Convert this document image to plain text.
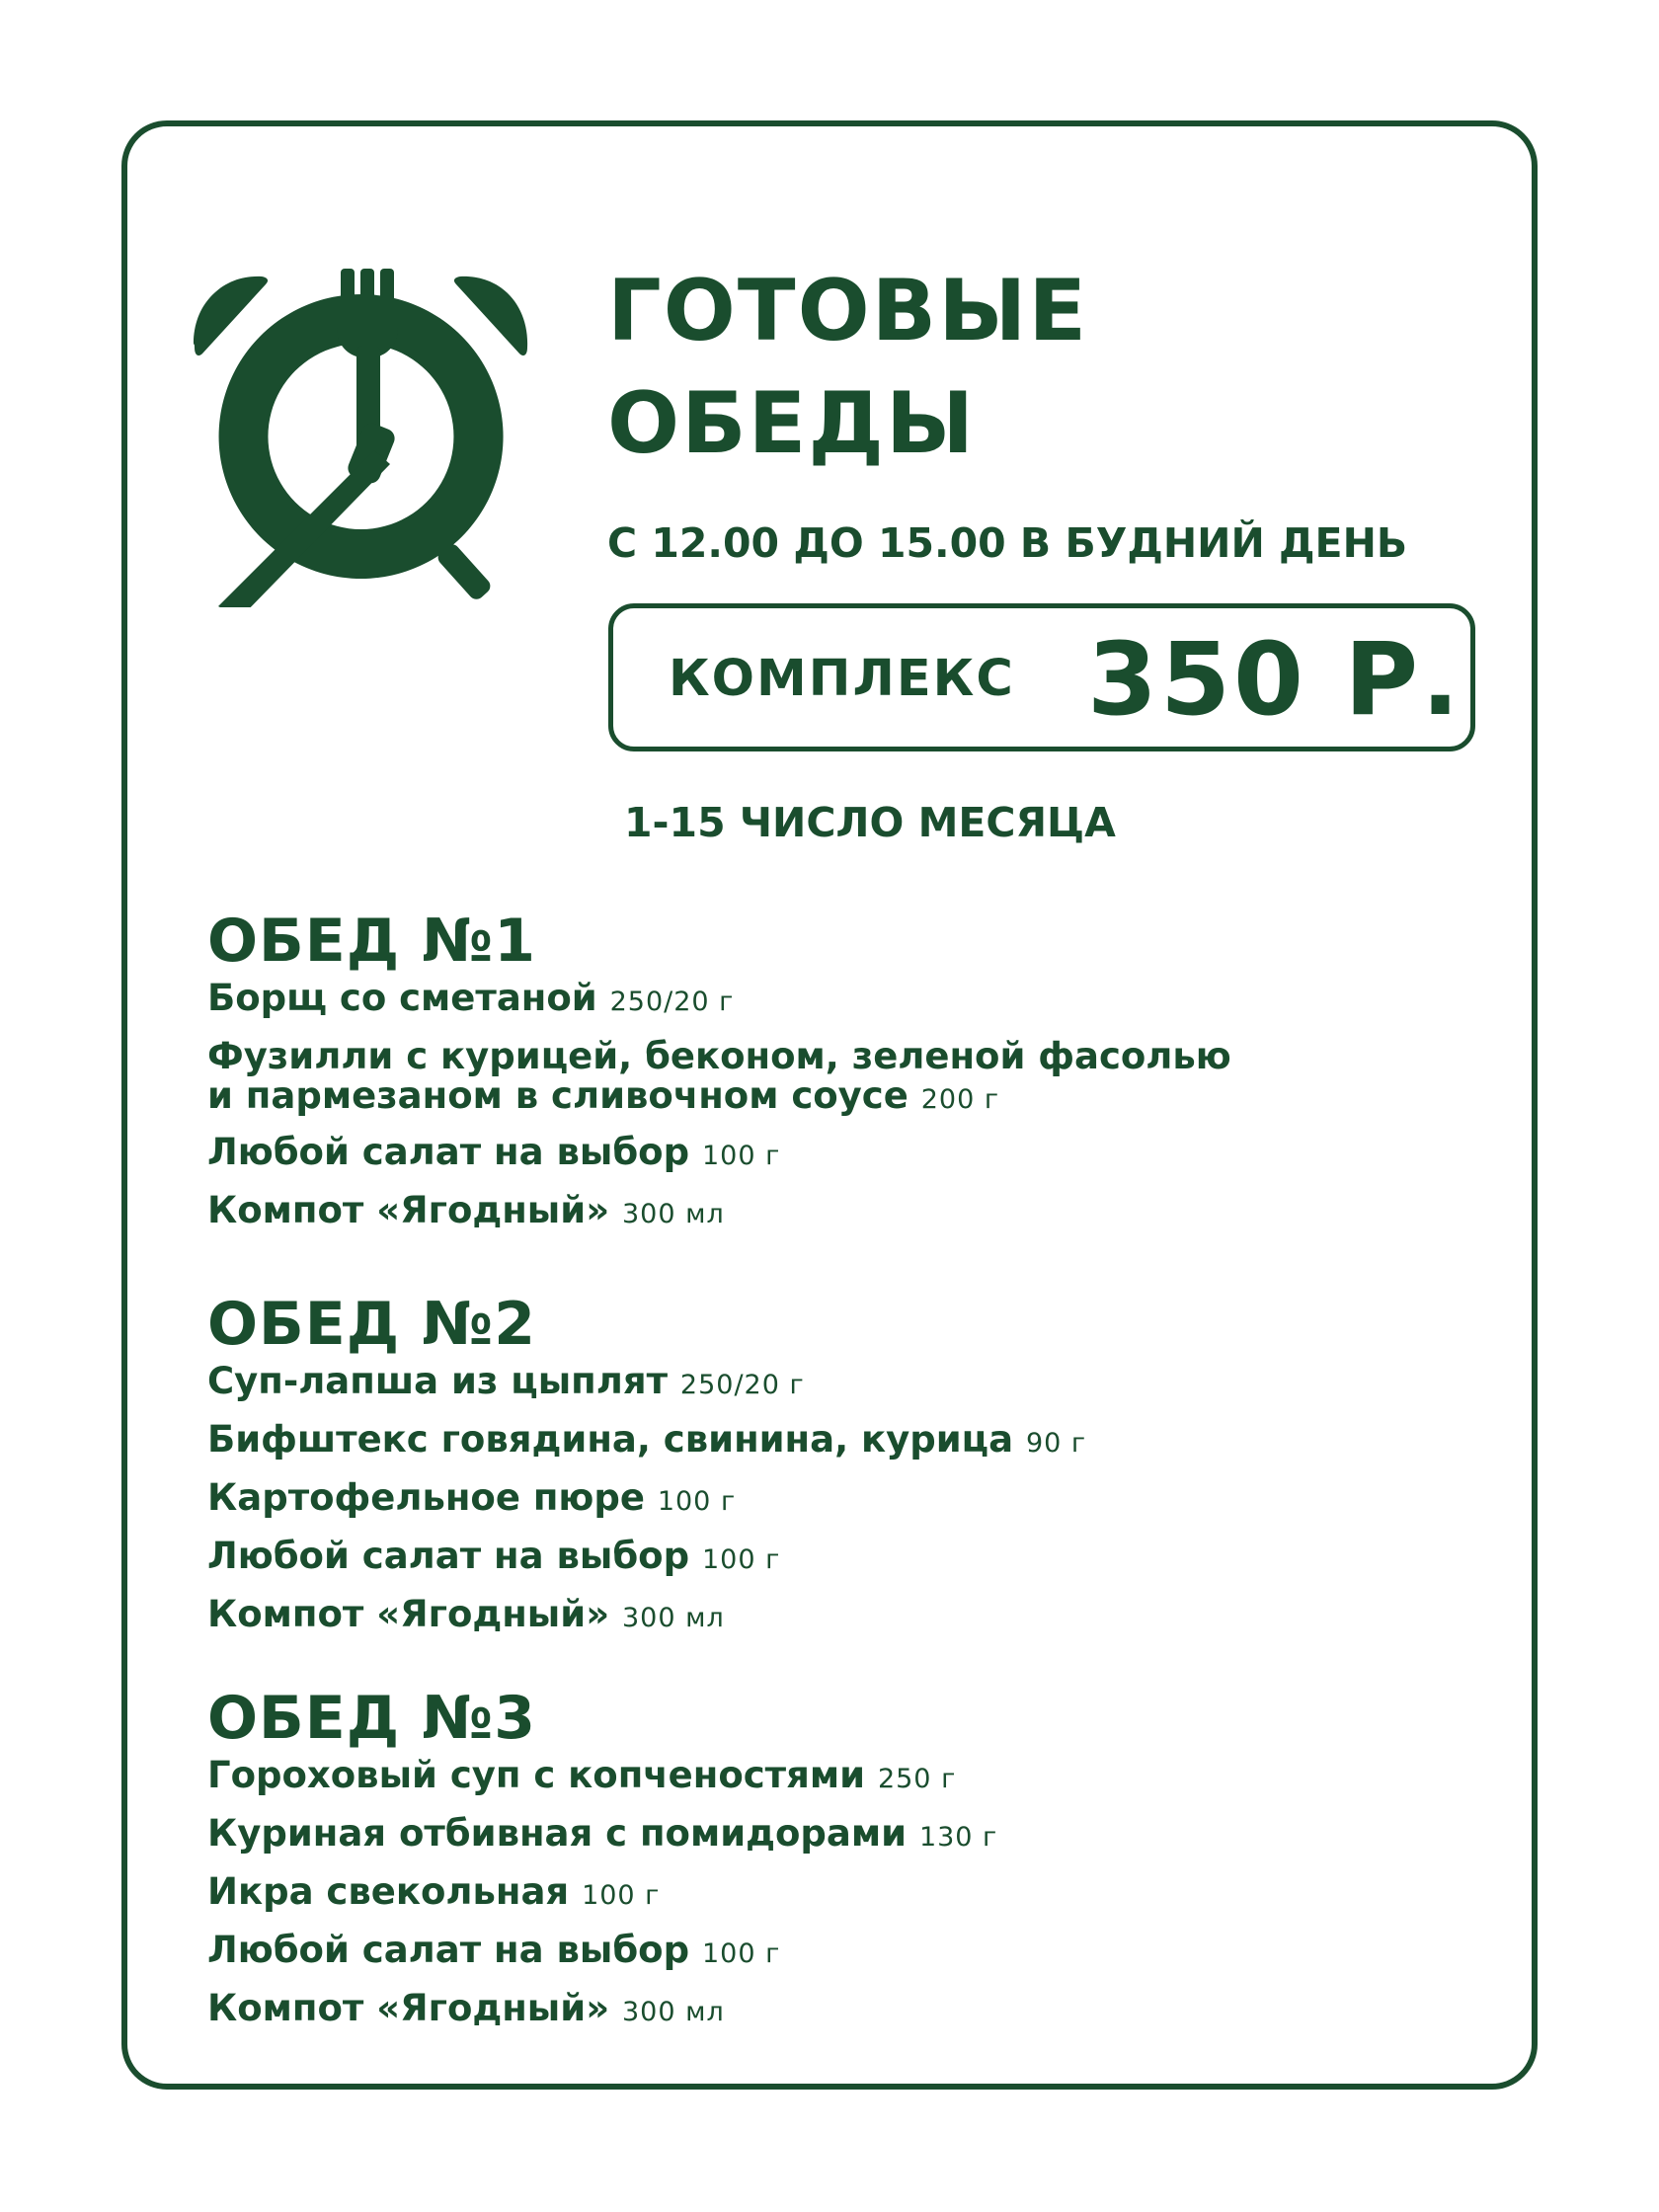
ГОТОВЫЕ
ОБЕДЫ
С 12.00 ДО 15.00 В БУДНИЙ ДЕНЬ
КОМПЛЕКС 350 Р.
1-15 ЧИСЛО МЕСЯЦА
ОБЕД №1
Борщ со сметаной 250/20 г
Фузилли с курицей, беконом, зеленой фасолью
и пармезаном в сливочном соусе 200 г
Любой салат на выбор 100 г
Компот «Ягодный» 300 мл
ОБЕД №2
Суп-лапша из цыплят 250/20 г
Бифштекс говядина, свинина, курица 90 г
Картофельное пюре 100 г
Любой салат на выбор 100 г
Компот «Ягодный» 300 мл
ОБЕД №3
Гороховый суп с копченостями 250 г
Куриная отбивная с помидорами 130 г
Икра свекольная 100 г
Любой салат на выбор 100 г
Компот «Ягодный» 300 мл
